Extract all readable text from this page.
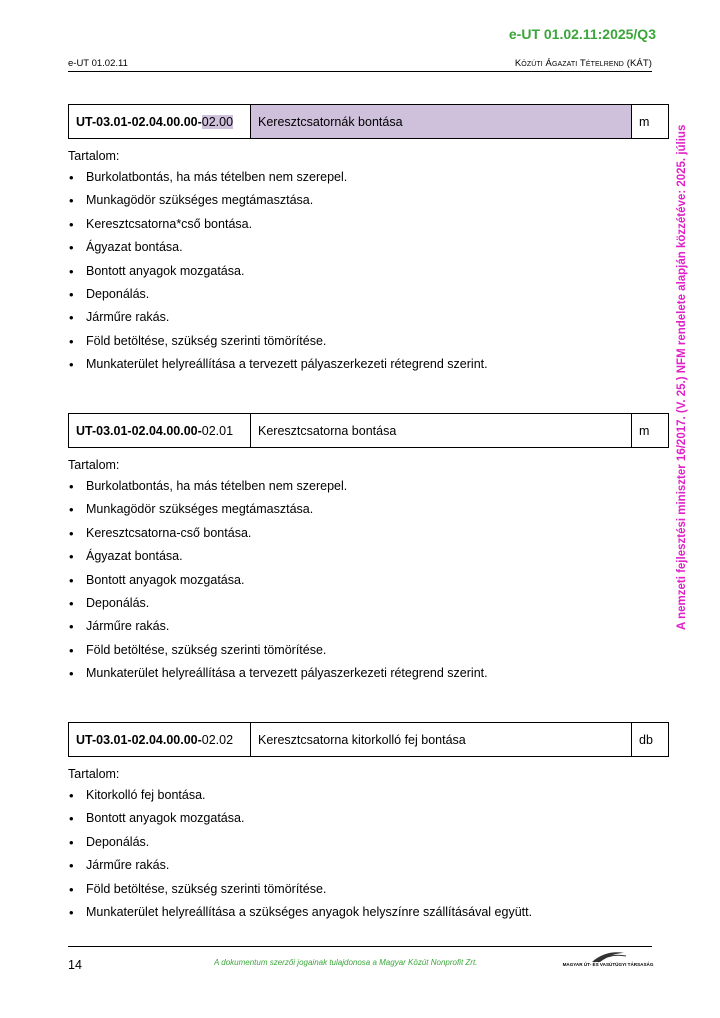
e-UT 01.02.11:2025/Q3
e-UT 01.02.11	Közúti Ágazati Tételrend (KÁT)
A nemzeti fejlesztési miniszter 16/2017. (V. 25.) NFM rendelete alapján közzétéve: 2025. július
UT-03.01-02.04.00.00-02.00	Keresztcsatornák bontása	m

Tartalom:

• Burkolatbontás, ha más tételben nem szerepel.
• Munkagödör szükséges megtámasztása.
• Keresztcsatorna*cső bontása.
• Ágyazat bontása.
• Bontott anyagok mozgatása.
• Deponálás.
• Járműre rakás.
• Föld betöltése, szükség szerinti tömörítése.
• Munkaterület helyreállítása a tervezett pályaszerkezeti rétegrend szerint.
UT-03.01-02.04.00.00-02.01	Keresztcsatorna bontása	m

Tartalom:

• Burkolatbontás, ha más tételben nem szerepel.
• Munkagödör szükséges megtámasztása.
• Keresztcsatorna-cső bontása.
• Ágyazat bontása.
• Bontott anyagok mozgatása.
• Deponálás.
• Járműre rakás.
• Föld betöltése, szükség szerinti tömörítése.
• Munkaterület helyreállítása a tervezett pályaszerkezeti rétegrend szerint.
UT-03.01-02.04.00.00-02.02	Keresztcsatorna kitorkolló fej bontása	db

Tartalom:

• Kitorkolló fej bontása.
• Bontott anyagok mozgatása.
• Deponálás.
• Járműre rakás.
• Föld betöltése, szükség szerinti tömörítése.
• Munkaterület helyreállítása a szükséges anyagok helyszínre szállításával együtt.
14	A dokumentum szerzői jogainak tulajdonosa a Magyar Közút Nonprofit Zrt.	MAGYAR ÚT- ÉS VASÚTÜGYI TÁRSASÁG
